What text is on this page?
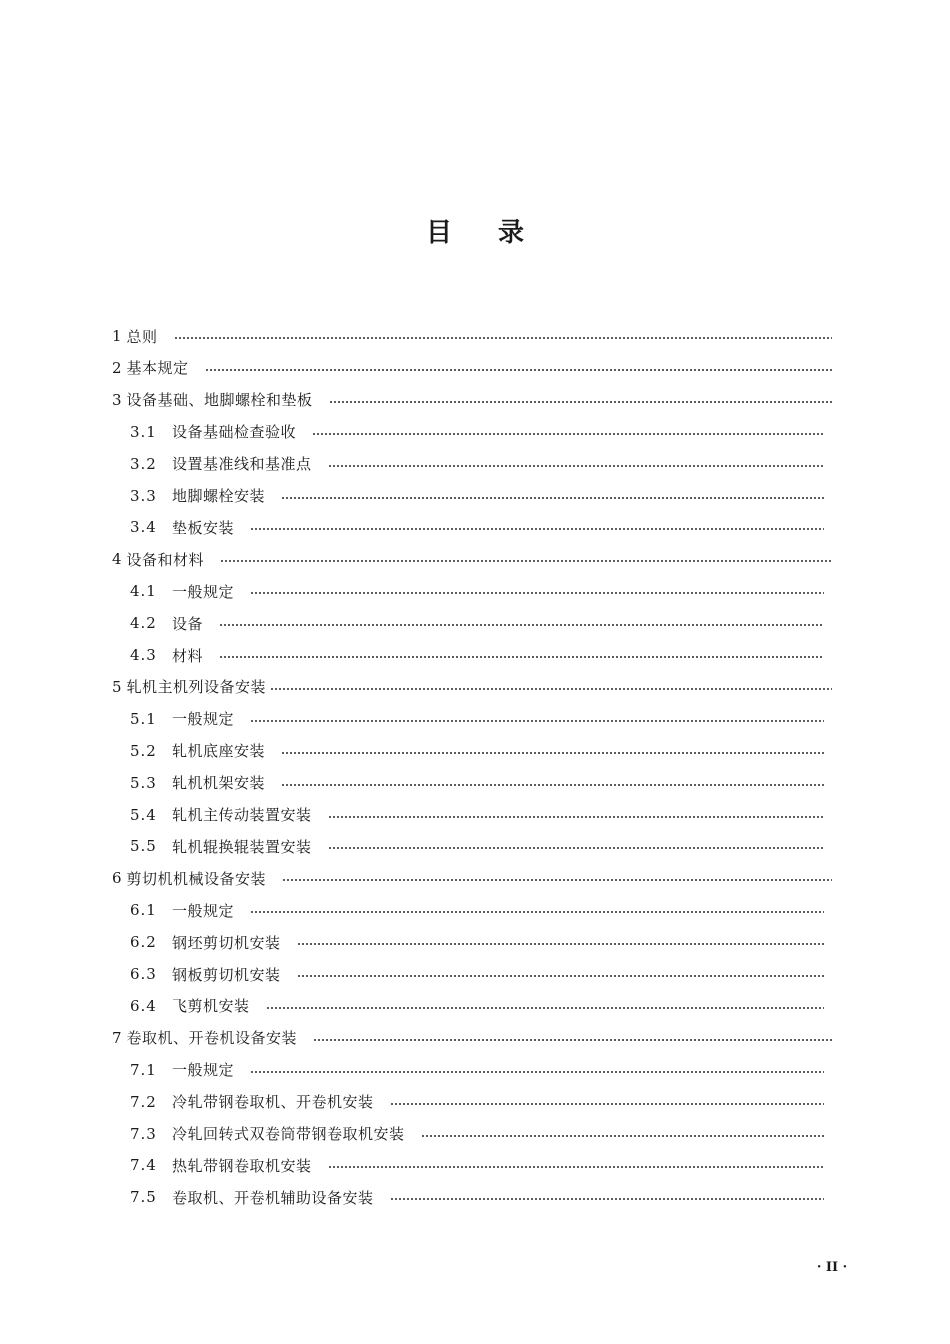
目 录
1 总则
2 基本规定
3 设备基础、地脚螺栓和垫板
3.1	设备基础检查验收
3.2	设置基准线和基准点
3.3	地脚螺栓安装
3.4	垫板安装
4 设备和材料
4.1	一般规定
4.2	设备
4.3	材料
5 轧机主机列设备安装
5.1	一般规定
5.2	轧机底座安装
5.3	轧机机架安装
5.4	轧机主传动装置安装
5.5	轧机辊换辊装置安装
6 剪切机机械设备安装
6.1	一般规定
6.2	钢坯剪切机安装
6.3	钢板剪切机安装
6.4	飞剪机安装
7 卷取机、开卷机设备安装
7.1	一般规定
7.2	冷轧带钢卷取机、开卷机安装
7.3	冷轧回转式双卷筒带钢卷取机安装
7.4	热轧带钢卷取机安装
7.5	卷取机、开卷机辅助设备安装
· II ·
